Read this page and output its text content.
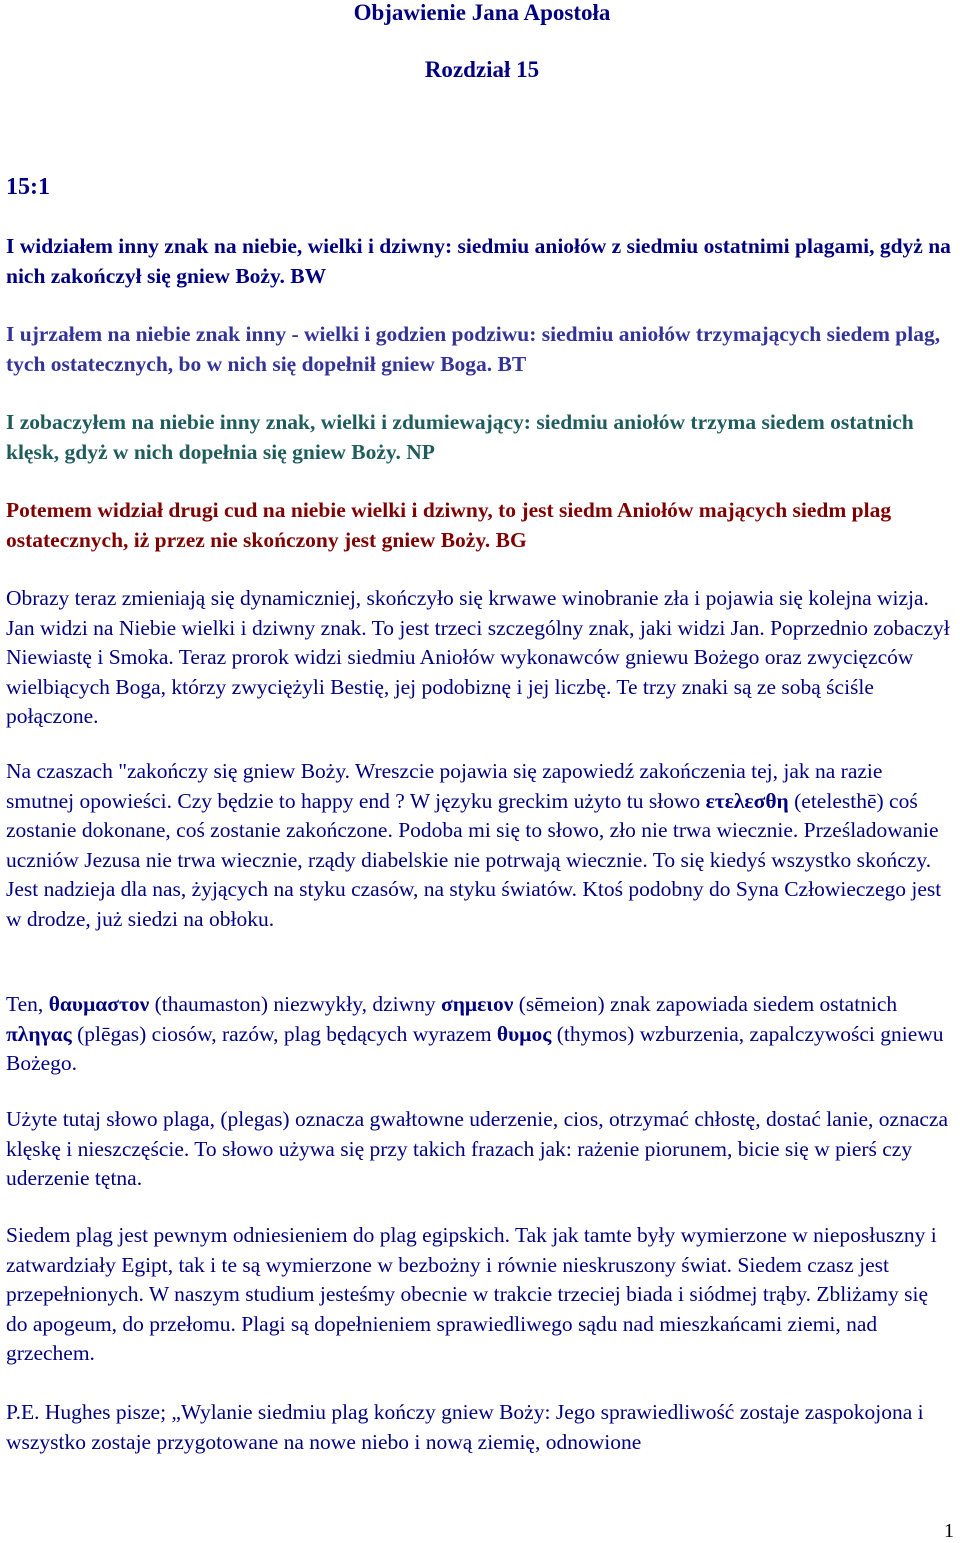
Objawienie Jana Apostoła
Rozdział 15
15:1

I widziałem inny znak na niebie, wielki i dziwny: siedmiu aniołów z siedmiu ostatnimi plagami, gdyż na nich zakończył się gniew Boży. BW

I ujrzałem na niebie znak inny - wielki i godzien podziwu: siedmiu aniołów trzymających siedem plag, tych ostatecznych, bo w nich się dopełnił gniew Boga. BT

I zobaczyłem na niebie inny znak, wielki i zdumiewający: siedmiu aniołów trzyma siedem ostatnich klęsk, gdyż w nich dopełnia się gniew Boży. NP

Potemem widział drugi cud na niebie wielki i dziwny, to jest siedm Aniołów mających siedm plag ostatecznych, iż przez nie skończony jest gniew Boży. BG

Obrazy teraz zmieniają się dynamiczniej, skończyło się krwawe winobranie zła i pojawia się kolejna wizja. Jan widzi na Niebie wielki i dziwny znak. To jest trzeci szczególny znak, jaki widzi Jan. Poprzednio zobaczył Niewiastę i Smoka. Teraz prorok widzi siedmiu Aniołów wykonawców gniewu Bożego oraz zwycięzców wielbiących Boga, którzy zwyciężyli Bestię, jej podobiznę i jej liczbę. Te trzy znaki są ze sobą ściśle połączone.

Na czaszach "zakończy się gniew Boży. Wreszcie pojawia się zapowiedź zakończenia tej, jak na razie smutnej opowieści. Czy będzie to happy end ? W języku greckim użyto tu słowo ετελεσθη (etelesthē) coś zostanie dokonane, coś zostanie zakończone. Podoba mi się to słowo, zło nie trwa wiecznie. Prześladowanie uczniów Jezusa nie trwa wiecznie, rządy diabelskie nie potrwają wiecznie. To się kiedyś wszystko skończy. Jest nadzieja dla nas, żyjących na styku czasów, na styku światów. Ktoś podobny do Syna Człowieczego jest w drodze, już siedzi na obłoku.

Ten, θαυμαστον (thaumaston) niezwykły, dziwny σημειον (sēmeion) znak zapowiada siedem ostatnich πληγας (plēgas) ciosów, razów, plag będących wyrazem θυμος (thymos) wzburzenia, zapalczywości gniewu Bożego.

Użyte tutaj słowo plaga, (plegas) oznacza gwałtowne uderzenie, cios, otrzymać chłostę, dostać lanie, oznacza klęskę i nieszczęście. To słowo używa się przy takich frazach jak: rażenie piorunem, bicie się w pierś czy uderzenie tętna.

Siedem plag jest pewnym odniesieniem do plag egipskich. Tak jak tamte były wymierzone w nieposłuszny i zatwardziały Egipt, tak i te są wymierzone w bezbożny i równie nieskruszony świat. Siedem czasz jest przepełnionych. W naszym studium jesteśmy obecnie w trakcie trzeciej biada i siódmej trąby. Zbliżamy się do apogeum, do przełomu. Plagi są dopełnieniem sprawiedliwego sądu nad mieszkańcami ziemi, nad grzechem.

P.E. Hughes pisze; „Wylanie siedmiu plag kończy gniew Boży: Jego sprawiedliwość zostaje zaspokojona i wszystko zostaje przygotowane na nowe niebo i nową ziemię, odnowione

1
